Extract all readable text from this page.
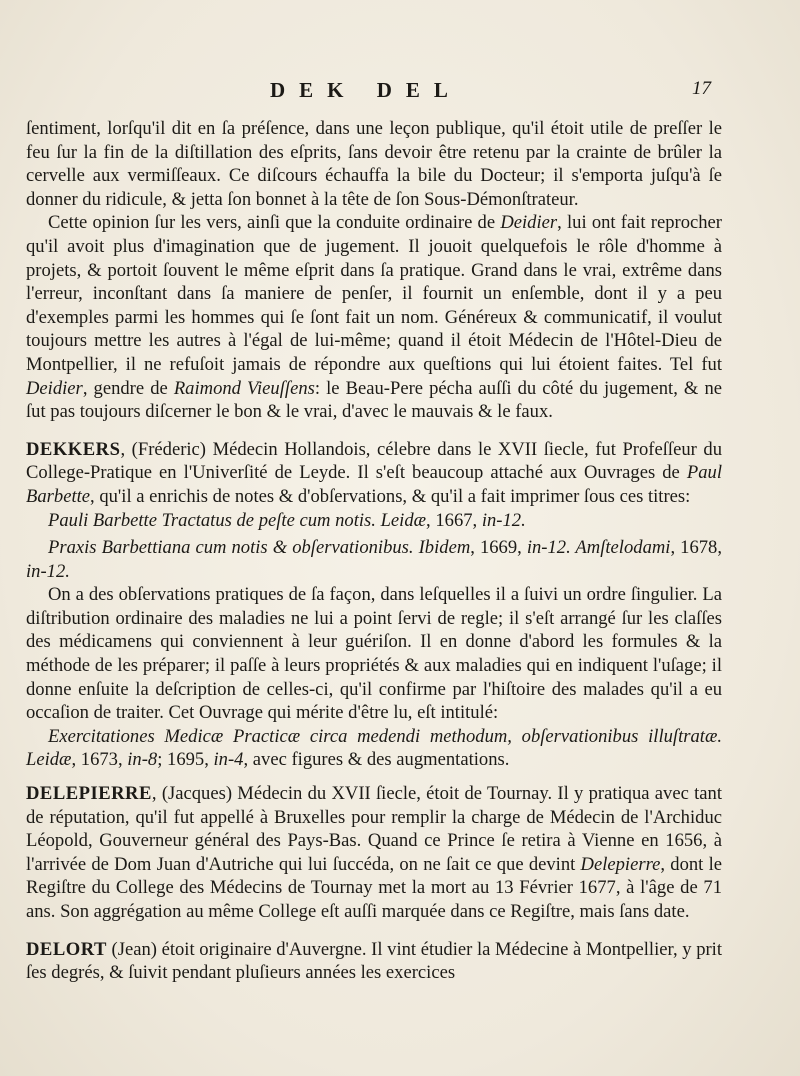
DEK DEL	17

ſentiment, lorſqu'il dit en ſa préſence, dans une leçon publique, qu'il étoit utile de preſſer le feu ſur la fin de la diſtillation des eſprits, ſans devoir être retenu par la crainte de brûler la cervelle aux vermiſſeaux. Ce diſcours échauffa la bile du Docteur; il s'emporta juſqu'à ſe donner du ridicule, & jetta ſon bonnet à la tête de ſon Sous-Démonſtrateur.

Cette opinion ſur les vers, ainſi que la conduite ordinaire de Deidier, lui ont fait reprocher qu'il avoit plus d'imagination que de jugement. Il jouoit quelquefois le rôle d'homme à projets, & portoit ſouvent le même eſprit dans ſa pratique. Grand dans le vrai, extrême dans l'erreur, inconſtant dans ſa maniere de penſer, il fournit un enſemble, dont il y a peu d'exemples parmi les hommes qui ſe ſont fait un nom. Généreux & communicatif, il voulut toujours mettre les autres à l'égal de lui-même; quand il étoit Médecin de l'Hôtel-Dieu de Montpellier, il ne refuſoit jamais de répondre aux queſtions qui lui étoient faites. Tel fut Deidier, gendre de Raimond Vieuſſens: le Beau-Pere pécha auſſi du côté du jugement, & ne ſut pas toujours diſcerner le bon & le vrai, d'avec le mauvais & le faux.

DEKKERS, (Fréderic) Médecin Hollandois, célebre dans le XVII ſiecle, fut Profeſſeur du College-Pratique en l'Univerſité de Leyde. Il s'eſt beaucoup attaché aux Ouvrages de Paul Barbette, qu'il a enrichis de notes & d'obſervations, & qu'il a fait imprimer ſous ces titres:

Pauli Barbette Tractatus de peſte cum notis. Leidæ, 1667, in-12.

Praxis Barbettiana cum notis & obſervationibus. Ibidem, 1669, in-12. Amſtelodami, 1678, in-12.

On a des obſervations pratiques de ſa façon, dans leſquelles il a ſuivi un ordre ſingulier. La diſtribution ordinaire des maladies ne lui a point ſervi de regle; il s'eſt arrangé ſur les claſſes des médicamens qui conviennent à leur guériſon. Il en donne d'abord les formules & la méthode de les préparer; il paſſe à leurs propriétés & aux maladies qui en indiquent l'uſage; il donne enſuite la deſcription de celles-ci, qu'il confirme par l'hiſtoire des malades qu'il a eu occaſion de traiter. Cet Ouvrage qui mérite d'être lu, eſt intitulé:

Exercitationes Medicæ Practicæ circa medendi methodum, obſervationibus illuſtratæ. Leidæ, 1673, in-8; 1695, in-4, avec figures & des augmentations.

DELEPIERRE, (Jacques) Médecin du XVII ſiecle, étoit de Tournay. Il y pratiqua avec tant de réputation, qu'il fut appellé à Bruxelles pour remplir la charge de Médecin de l'Archiduc Léopold, Gouverneur général des Pays-Bas. Quand ce Prince ſe retira à Vienne en 1656, à l'arrivée de Dom Juan d'Autriche qui lui ſuccéda, on ne ſait ce que devint Delepierre, dont le Regiſtre du College des Médecins de Tournay met la mort au 13 Février 1677, à l'âge de 71 ans. Son aggrégation au même College eſt auſſi marquée dans ce Regiſtre, mais ſans date.

DELORT (Jean) étoit originaire d'Auvergne. Il vint étudier la Médecine à Montpellier, y prit ſes degrés, & ſuivit pendant pluſieurs années les exercices
